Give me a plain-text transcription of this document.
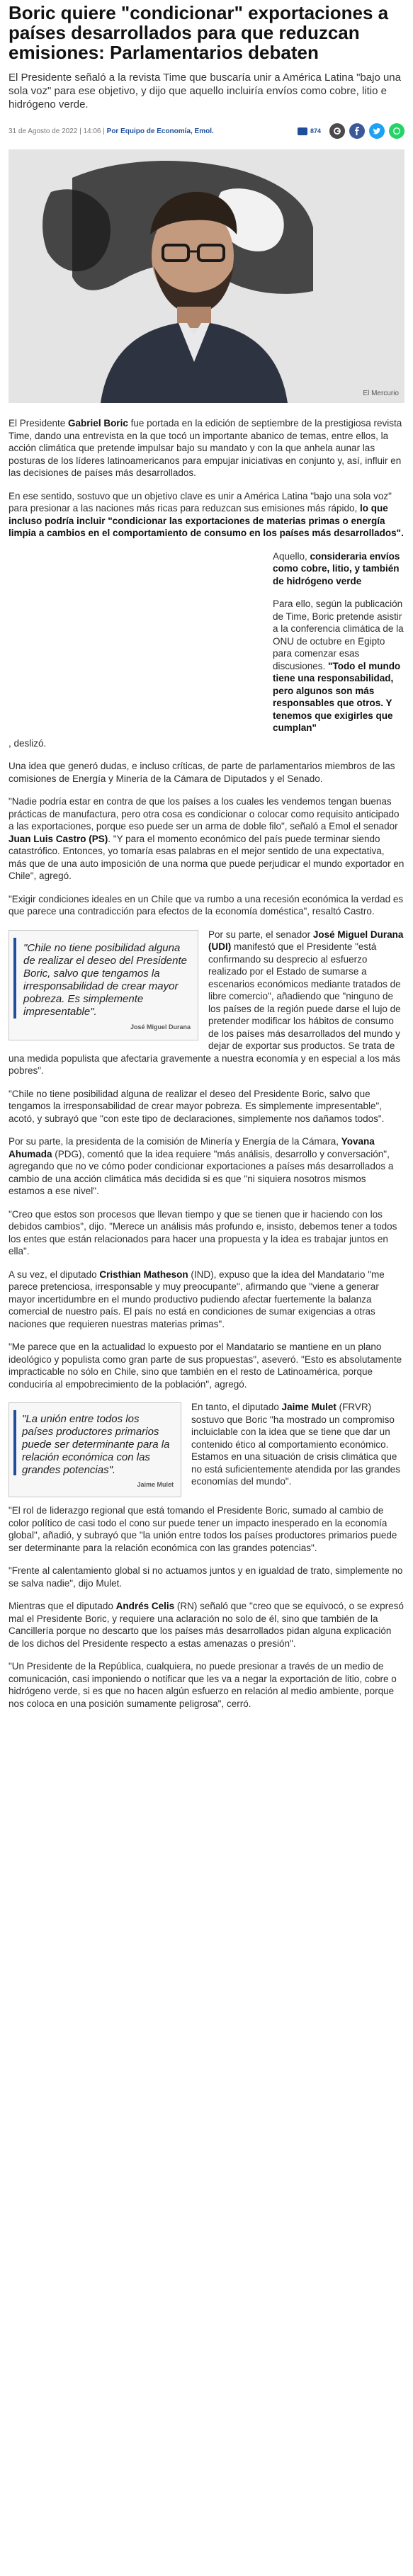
Boric quiere "condicionar" exportaciones a países desarrollados para que reduzcan emisiones: Parlamentarios debaten

El Presidente señaló a la revista Time que buscaría unir a América Latina "bajo una sola voz" para ese objetivo, y dijo que aquello incluiría envíos como cobre, litio e hidrógeno verde.

31 de Agosto de 2022 | 14:06 | Por Equipo de Economía, Emol.	874
El Mercurio

El Presidente Gabriel Boric fue portada en la edición de septiembre de la prestigiosa revista Time, dando una entrevista en la que tocó un importante abanico de temas, entre ellos, la acción climática que pretende impulsar bajo su mandato y con la que anhela aunar las posturas de los líderes latinoamericanos para empujar iniciativas en conjunto y, así, influir en las decisiones de países más desarrollados.

En ese sentido, sostuvo que un objetivo clave es unir a América Latina "bajo una sola voz" para presionar a las naciones más ricas para reduzcan sus emisiones más rápido, lo que incluso podría incluir "condicionar las exportaciones de materias primas o energía limpia a cambios en el comportamiento de consumo en los países más desarrollados".

Aquello, consideraria envíos como cobre, litio, y también de hidrógeno verde

Para ello, según la publicación de Time, Boric pretende asistir a la conferencia climática de la ONU de octubre en Egipto para comenzar esas discusiones. "Todo el mundo tiene una responsabilidad, pero algunos son más responsables que otros. Y tenemos que exigirles que cumplan"

, deslizó.

Una idea que generó dudas, e incluso críticas, de parte de parlamentarios miembros de las comisiones de Energía y Minería de la Cámara de Diputados y el Senado.

"Nadie podría estar en contra de que los países a los cuales les vendemos tengan buenas prácticas de manufactura, pero otra cosa es condicionar o colocar como requisito anticipado a las exportaciones, porque eso puede ser un arma de doble filo", señaló a Emol el senador Juan Luis Castro (PS). "Y para el momento económico del país puede terminar siendo catastrófico. Entonces, yo tomaría esas palabras en el mejor sentido de una expectativa, más que de una auto imposición de una norma que puede perjudicar el mundo exportador en Chile", agregó.

"Exigir condiciones ideales en un Chile que va rumbo a una recesión económica la verdad es que parece una contradicción para efectos de la economía doméstica", resaltó Castro.

"Chile no tiene posibilidad alguna de realizar el deseo del Presidente Boric, salvo que tengamos la irresponsabilidad de crear mayor pobreza. Es simplemente impresentable".
José Miguel Durana

Por su parte, el senador José Miguel Durana (UDI) manifestó que el Presidente "está confirmando su desprecio al esfuerzo realizado por el Estado de sumarse a escenarios económicos mediante tratados de libre comercio", añadiendo que "ninguno de los países de la región puede darse el lujo de pretender modificar los hábitos de consumo de los países más desarrollados del mundo y dejar de exportar sus productos. Se trata de una medida populista que afectaría gravemente a nuestra economía y en especial a los más pobres".

"Chile no tiene posibilidad alguna de realizar el deseo del Presidente Boric, salvo que tengamos la irresponsabilidad de crear mayor pobreza. Es simplemente impresentable", acotó, y subrayó que "con este tipo de declaraciones, simplemente nos dañamos todos".

Por su parte, la presidenta de la comisión de Minería y Energía de la Cámara, Yovana Ahumada (PDG), comentó que la idea requiere "más análisis, desarrollo y conversación", agregando que no ve cómo poder condicionar exportaciones a países más desarrollados a cambio de una acción climática más decidida si es que "ni siquiera nosotros mismos estamos a ese nivel".

"Creo que estos son procesos que llevan tiempo y que se tienen que ir haciendo con los debidos cambios", dijo. "Merece un análisis más profundo e, insisto, debemos tener a todos los entes que están relacionados para hacer una propuesta y la idea es trabajar juntos en ella".

A su vez, el diputado Cristhian Matheson (IND), expuso que la idea del Mandatario "me parece pretenciosa, irresponsable y muy preocupante", afirmando que "viene a generar mayor incertidumbre en el mundo productivo pudiendo afectar fuertemente la balanza comercial de nuestro país. El país no está en condiciones de sumar exigencias a otras naciones que requieren nuestras materias primas".

"Me parece que en la actualidad lo expuesto por el Mandatario se mantiene en un plano ideológico y populista como gran parte de sus propuestas", aseveró. "Esto es absolutamente impracticable no sólo en Chile, sino que también en el resto de Latinoamérica, porque conduciría al empobrecimiento de la población", agregó.

"La unión entre todos los países productores primarios puede ser determinante para la relación económica con las grandes potencias".
Jaime Mulet

En tanto, el diputado Jaime Mulet (FRVR) sostuvo que Boric "ha mostrado un compromiso incluiclable con la idea que se tiene que dar un contenido ético al comportamiento económico. Estamos en una situación de crisis climática que no está suficientemente atendida por las grandes economías del mundo".

"El rol de liderazgo regional que está tomando el Presidente Boric, sumado al cambio de color político de casi todo el cono sur puede tener un impacto inesperado en la economía global", añadió, y subrayó que "la unión entre todos los países productores primarios puede ser determinante para la relación económica con las grandes potencias".

"Frente al calentamiento global si no actuamos juntos y en igualdad de trato, simplemente no se salva nadie", dijo Mulet.

Mientras que el diputado Andrés Celis (RN) señaló que "creo que se equivocó, o se expresó mal el Presidente Boric, y requiere una aclaración no solo de él, sino que también de la Cancillería porque no descarto que los países más desarrollados pidan alguna explicación de los dichos del Presidente respecto a estas amenazas o presión".

"Un Presidente de la República, cualquiera, no puede presionar a través de un medio de comunicación, casi imponiendo o notificar que les va a negar la exportación de litio, cobre o hidrógeno verde, si es que no hacen algún esfuerzo en relación al medio ambiente, porque nos coloca en una posición sumamente peligrosa", cerró.
